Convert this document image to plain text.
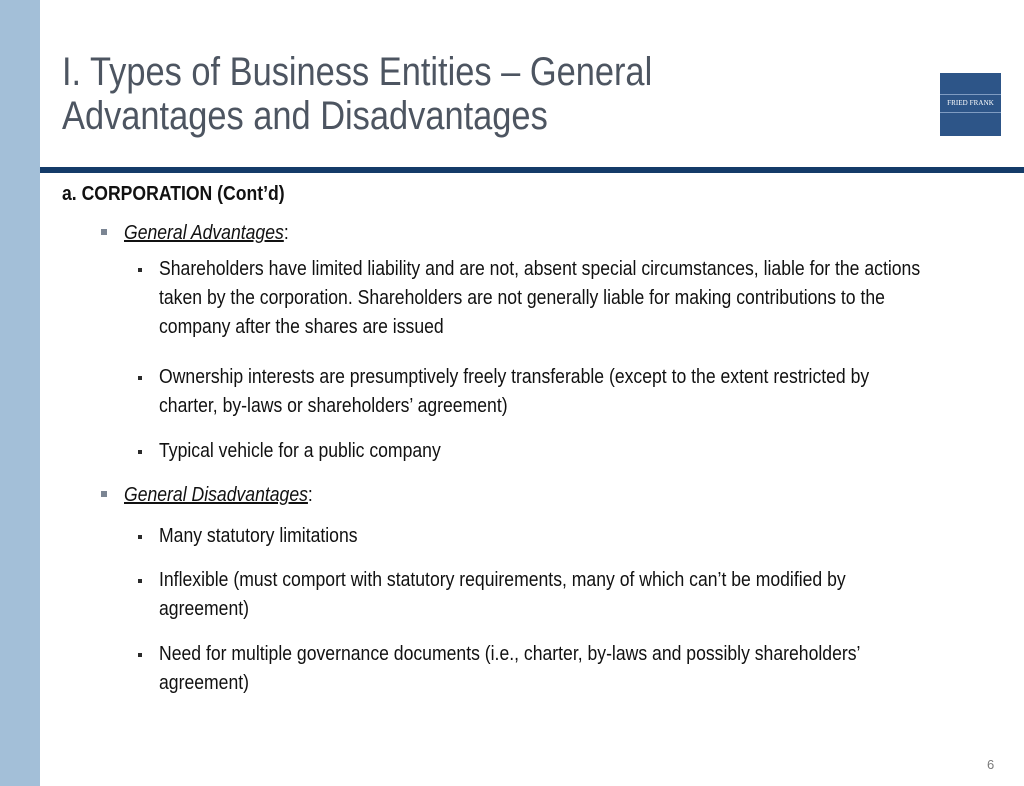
I. Types of Business Entities – General
Advantages and Disadvantages	FRIED FRANK
a. CORPORATION (Cont’d)
General Advantages:
Shareholders have limited liability and are not, absent special circumstances, liable for the actions
taken by the corporation. Shareholders are not generally liable for making contributions to the
company after the shares are issued
Ownership interests are presumptively freely transferable (except to the extent restricted by
charter, by-laws or shareholders’ agreement)
Typical vehicle for a public company
General Disadvantages:
Many statutory limitations
Inflexible (must comport with statutory requirements, many of which can’t be modified by
agreement)
Need for multiple governance documents (i.e., charter, by-laws and possibly shareholders’
agreement)
6
